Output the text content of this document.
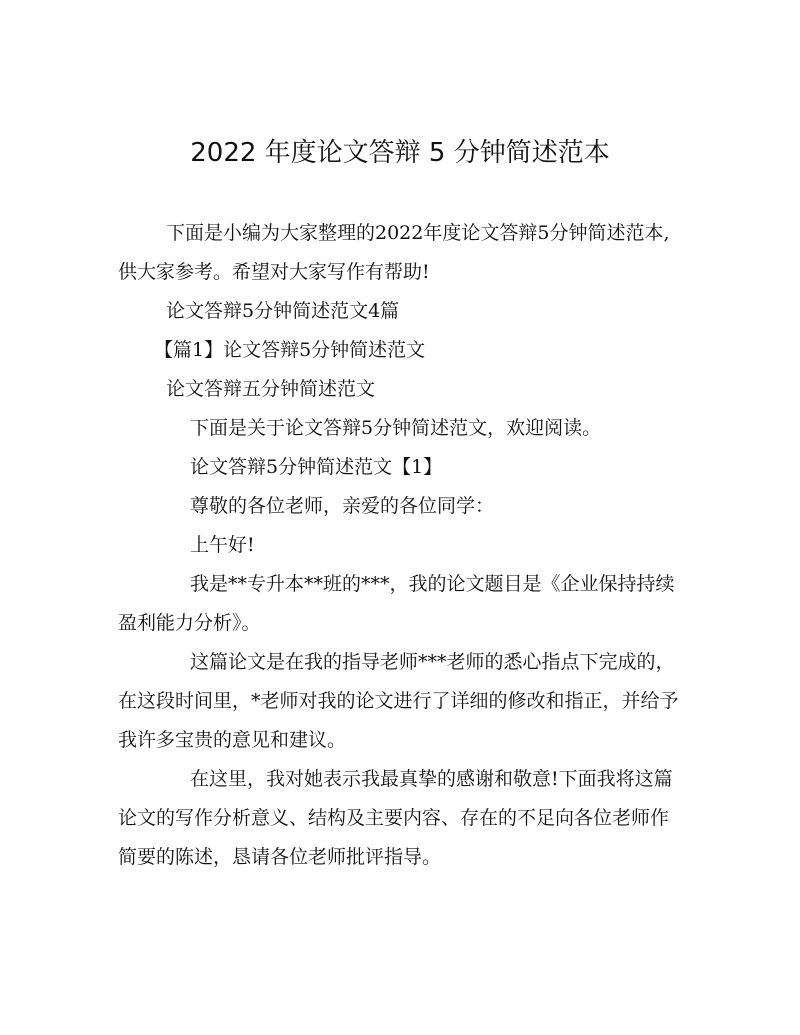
2022 年度论文答辩 5 分钟简述范本

下面是小编为大家整理的2022年度论文答辩5分钟简述范本,供大家参考。希望对大家写作有帮助!

论文答辩5分钟简述范文4篇

【篇1】论文答辩5分钟简述范文

论文答辩五分钟简述范文

下面是关于论文答辩5分钟简述范文，欢迎阅读。

论文答辩5分钟简述范文【1】

尊敬的各位老师，亲爱的各位同学：

上午好!

我是**专升本**班的***，我的论文题目是《企业保持持续盈利能力分析》。

这篇论文是在我的指导老师***老师的悉心指点下完成的，在这段时间里，*老师对我的论文进行了详细的修改和指正，并给予我许多宝贵的意见和建议。

在这里，我对她表示我最真挚的感谢和敬意!下面我将这篇论文的写作分析意义、结构及主要内容、存在的不足向各位老师作简要的陈述，恳请各位老师批评指导。
